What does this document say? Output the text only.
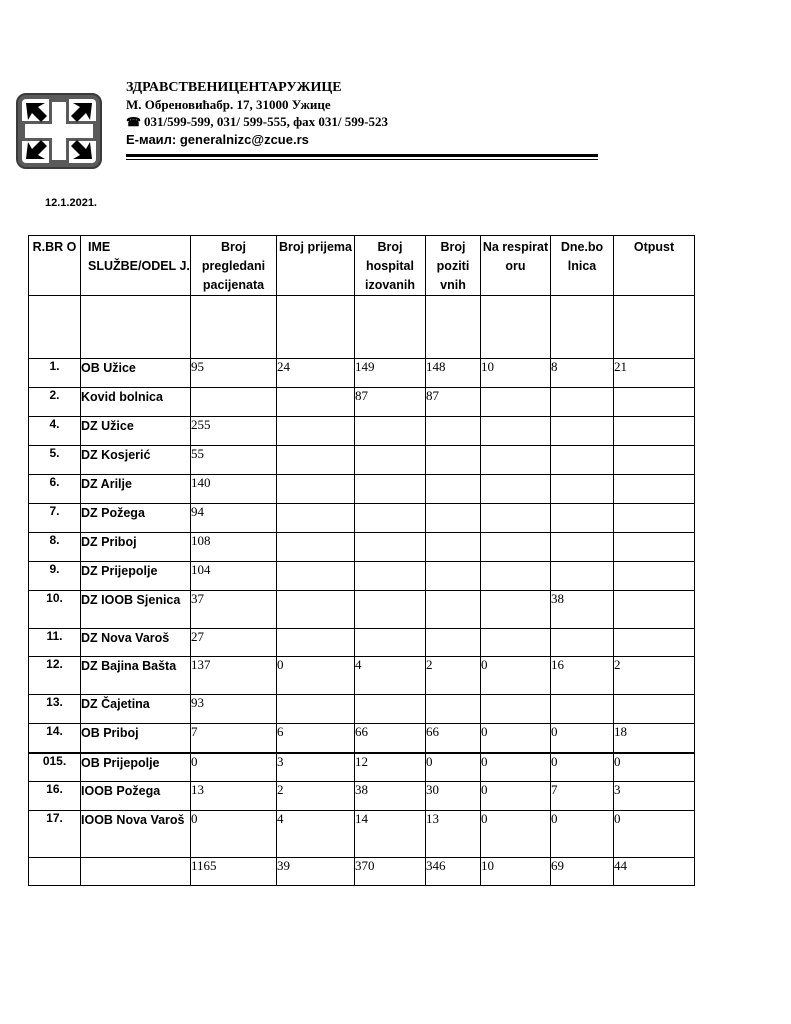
ЗДРАВСТВЕНИЦЕНТАРУЖИЦЕ
М. Обреновићабр. 17, 31000 Ужице
☎ 031/599-599, 031/ 599-555, фах 031/ 599-523
Е-маил: generalnizc@zcue.rs
12.1.2021.
R.BR O	IME SLUŽBE/ODEL J.	Broj pregledani pacijenata	Broj prijema	Broj hospital izovanih	Broj poziti vnih	Na respirat oru	Dne.bo lnica	Otpust

1.	OB Užice	95	24	149	148	10	8	21
2.	Kovid bolnica			87	87			
4.	DZ Užice	255						
5.	DZ Kosjerić	55						
6.	DZ Arilje	140						
7.	DZ Požega	94						
8.	DZ Priboj	108						
9.	DZ Prijepolje	104						
10.	DZ IOOB Sjenica	37					38	
11.	DZ Nova Varoš	27						
12.	DZ Bajina Bašta	137	0	4	2	0	16	2
13.	DZ Čajetina	93						
14.	OB Priboj	7	6	66	66	0	0	18
015.	OB Prijepolje	0	3	12	0	0	0	0
16.	IOOB Požega	13	2	38	30	0	7	3
17.	IOOB Nova Varoš	0	4	14	13	0	0	0
		1165	39	370	346	10	69	44
